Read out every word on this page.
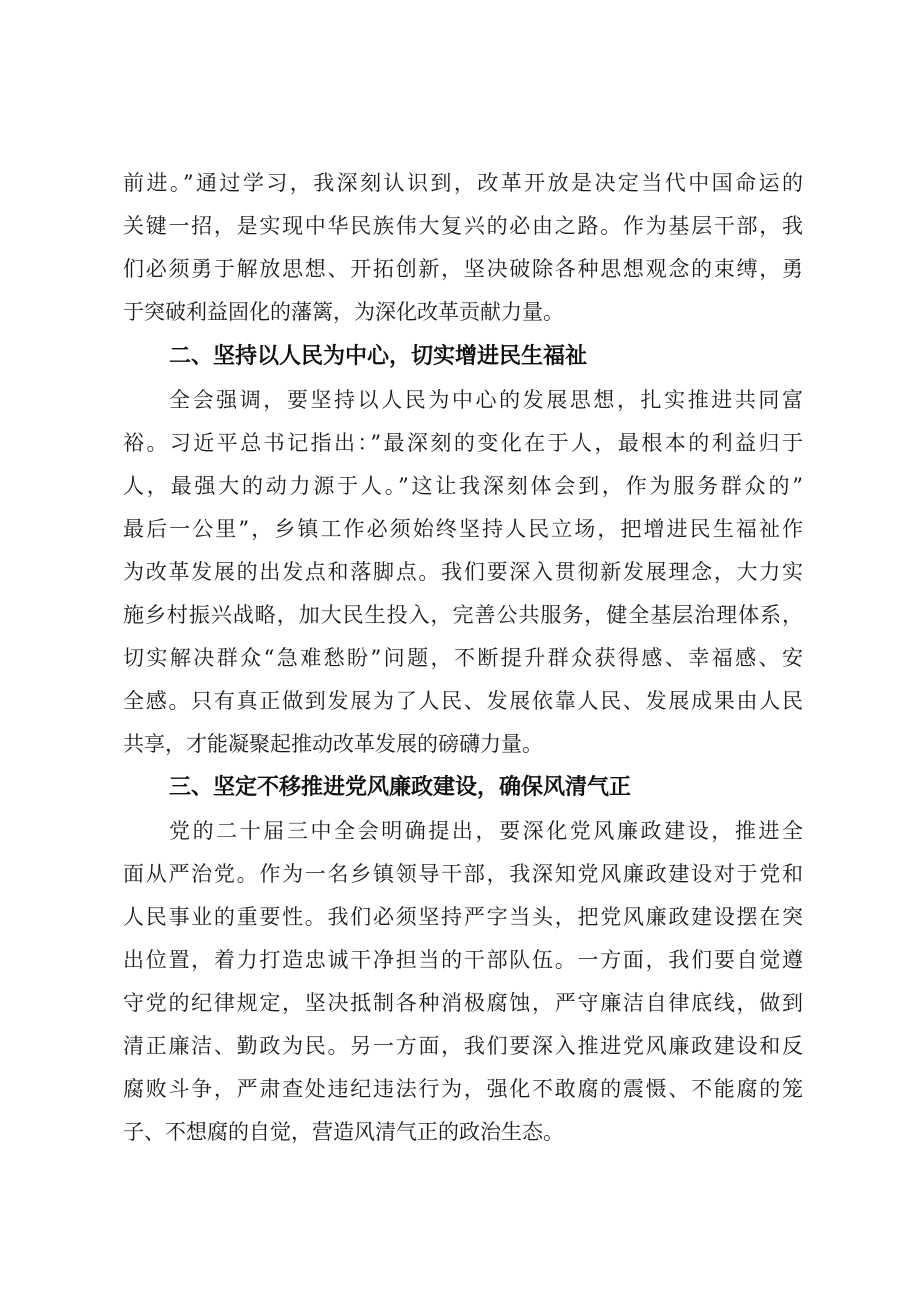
前进。”通过学习，我深刻认识到，改革开放是决定当代中国命运的
关键一招，是实现中华民族伟大复兴的必由之路。作为基层干部，我
们必须勇于解放思想、开拓创新，坚决破除各种思想观念的束缚，勇
于突破利益固化的藩篱，为深化改革贡献力量。
二、坚持以人民为中心，切实增进民生福祉
全会强调，要坚持以人民为中心的发展思想，扎实推进共同富
裕。习近平总书记指出：”最深刻的变化在于人，最根本的利益归于
人，最强大的动力源于人。”这让我深刻体会到，作为服务群众的”
最后一公里”，乡镇工作必须始终坚持人民立场，把增进民生福祉作
为改革发展的出发点和落脚点。我们要深入贯彻新发展理念，大力实
施乡村振兴战略，加大民生投入，完善公共服务，健全基层治理体系，
切实解决群众“急难愁盼”问题，不断提升群众获得感、幸福感、安
全感。只有真正做到发展为了人民、发展依靠人民、发展成果由人民
共享，才能凝聚起推动改革发展的磅礴力量。
三、坚定不移推进党风廉政建设，确保风清气正
党的二十届三中全会明确提出，要深化党风廉政建设，推进全
面从严治党。作为一名乡镇领导干部，我深知党风廉政建设对于党和
人民事业的重要性。我们必须坚持严字当头，把党风廉政建设摆在突
出位置，着力打造忠诚干净担当的干部队伍。一方面，我们要自觉遵
守党的纪律规定，坚决抵制各种消极腐蚀，严守廉洁自律底线，做到
清正廉洁、勤政为民。另一方面，我们要深入推进党风廉政建设和反
腐败斗争，严肃查处违纪违法行为，强化不敢腐的震慑、不能腐的笼
子、不想腐的自觉，营造风清气正的政治生态。
